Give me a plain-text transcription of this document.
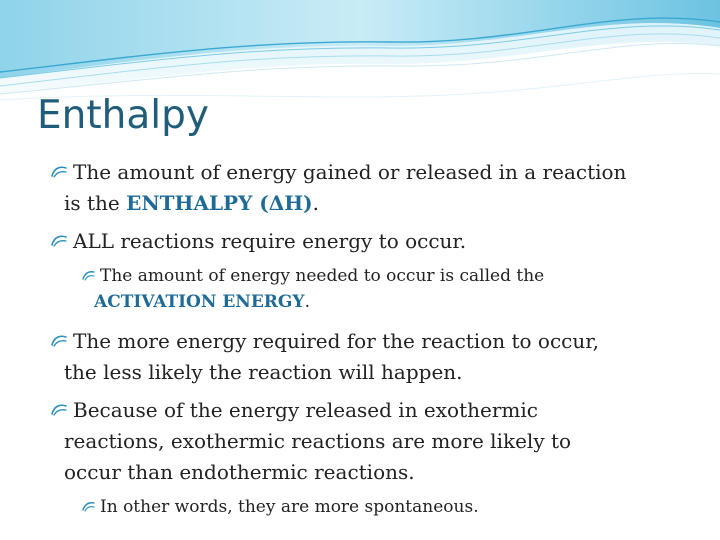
Enthalpy
The amount of energy gained or released in a reaction
is the ENTHALPY (ΔH).
ALL reactions require energy to occur.
The amount of energy needed to occur is called the
ACTIVATION ENERGY.
The more energy required for the reaction to occur,
the less likely the reaction will happen.
Because of the energy released in exothermic
reactions, exothermic reactions are more likely to
occur than endothermic reactions.
In other words, they are more spontaneous.
